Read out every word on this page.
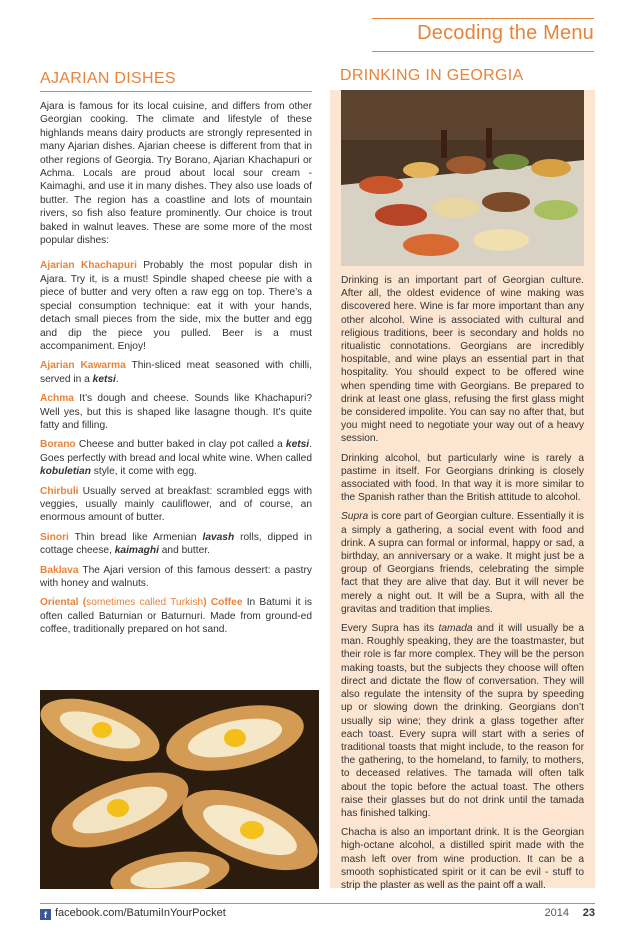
Decoding the Menu
AJARIAN DISHES

Ajara is famous for its local cuisine, and differs from other Georgian cooking. The climate and lifestyle of these highlands means dairy products are strongly represented in many Ajarian dishes. Ajarian cheese is different from that in other regions of Georgia. Try Borano, Ajarian Khachapuri or Achma. Locals are proud about local sour cream - Kaimaghi, and use it in many dishes. They also use loads of butter. The region has a coastline and lots of mountain rivers, so fish also feature prominently. Our choice is trout baked in walnut leaves. These are some more of the most popular dishes:

Ajarian Khachapuri Probably the most popular dish in Ajara. Try it, is a must! Spindle shaped cheese pie with a piece of butter and very often a raw egg on top. There’s a special consumption technique: eat it with your hands, detach small pieces from the side, mix the butter and egg and dip the piece you pulled. Beer is a must accompaniment. Enjoy!

Ajarian Kawarma Thin-sliced meat seasoned with chilli, served in a ketsi.

Achma It’s dough and cheese. Sounds like Khachapuri? Well yes, but this is shaped like lasagne though. It’s quite fatty and filling.

Borano Cheese and butter baked in clay pot called a ketsi. Goes perfectly with bread and local white wine. When called kobuletian style, it come with egg.

Chirbuli Usually served at breakfast: scrambled eggs with veggies, usually mainly cauliflower, and of course, an enormous amount of butter.

Sinori Thin bread like Armenian lavash rolls, dipped in cottage cheese, kaimaghi and butter.

Baklava The Ajari version of this famous dessert: a pastry with honey and walnuts.

Oriental (sometimes called Turkish) Coffee In Batumi it is often called Baturnian or Baturnuri. Made from ground-ed coffee, traditionally prepared on hot sand.

DRINKING IN GEORGIA

Drinking is an important part of Georgian culture. After all, the oldest evidence of wine making was discovered here. Wine is far more important than any other alcohol. Wine is associated with cultural and religious traditions, beer is secondary and holds no ritualistic connotations. Georgians are incredibly hospitable, and wine plays an essential part in that hospitality. You should expect to be offered wine when spending time with Georgians. Be prepared to drink at least one glass, refusing the first glass might be considered impolite. You can say no after that, but you might need to negotiate your way out of a heavy session.

Drinking alcohol, but particularly wine is rarely a pastime in itself. For Georgians drinking is closely associated with food. In that way it is more similar to the Spanish rather than the British attitude to alcohol.

Supra is core part of Georgian culture. Essentially it is a simply a gathering, a social event with food and drink. A supra can formal or informal, happy or sad, a birthday, an anniversary or a wake. It might just be a group of Georgians friends, celebrating the simple fact that they are alive that day. But it will never be merely a night out. It will be a Supra, with all the gravitas and tradition that implies.

Every Supra has its tamada and it will usually be a man. Roughly speaking, they are the toastmaster, but their role is far more complex. They will be the person making toasts, but the subjects they choose will often direct and dictate the flow of conversation. They will also regulate the intensity of the supra by speeding up or slowing down the drinking. Georgians don’t usually sip wine; they drink a glass together after each toast. Every supra will start with a series of traditional toasts that might include, to the reason for the gathering, to the homeland, to family, to mothers, to deceased relatives. The tamada will often talk about the topic before the actual toast. The others raise their glasses but do not drink until the tamada has finished talking.

Chacha is also an important drink. It is the Georgian high-octane alcohol, a distilled spirit made with the mash left over from wine production. It can be a smooth sophisticated spirit or it can be evil - stuff to strip the plaster as well as the paint off a wall.

f facebook.com/BatumiInYourPocket	2014 23
